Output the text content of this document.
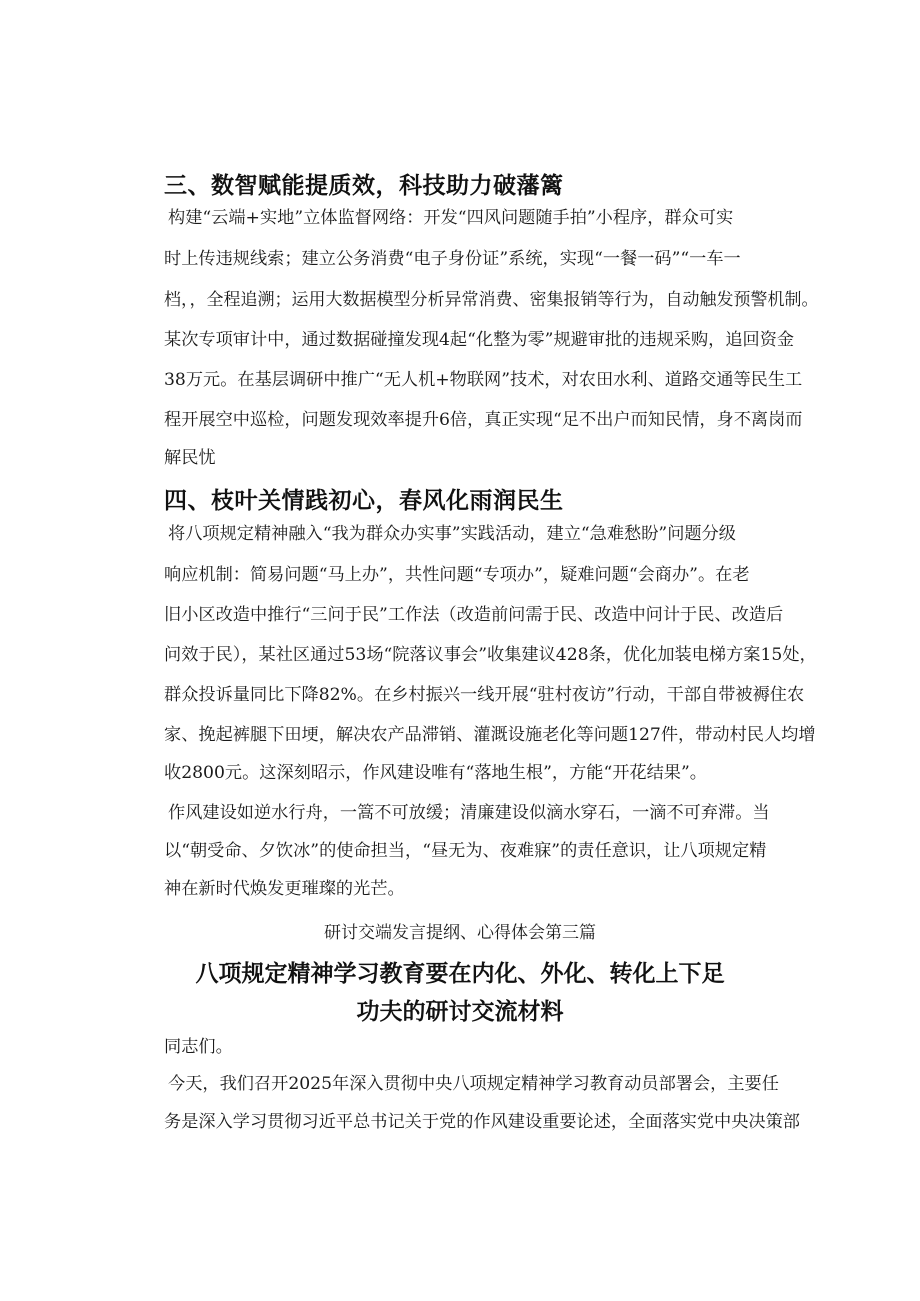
三、数智赋能提质效，科技助力破藩篱
构建“云端+实地”立体监督网络：开发“四风问题随手拍”小程序，群众可实
时上传违规线索；建立公务消费“电子身份证”系统，实现“一餐一码”“一车一
档，，全程追溯；运用大数据模型分析异常消费、密集报销等行为，自动触发预警机制。
某次专项审计中，通过数据碰撞发现4起“化整为零”规避审批的违规采购，追回资金
38万元。在基层调研中推广“无人机+物联网”技术，对农田水利、道路交通等民生工
程开展空中巡检，问题发现效率提升6倍，真正实现“足不出户而知民情，身不离岗而
解民忧
四、枝叶关情践初心，春风化雨润民生
将八项规定精神融入“我为群众办实事”实践活动，建立“急难愁盼”问题分级
响应机制：简易问题“马上办”，共性问题“专项办”，疑难问题“会商办”。在老
旧小区改造中推行“三问于民”工作法（改造前问需于民、改造中问计于民、改造后
问效于民），某社区通过53场“院落议事会”收集建议428条，优化加装电梯方案15处，
群众投诉量同比下降82%。在乡村振兴一线开展“驻村夜访”行动，干部自带被褥住农
家、挽起裤腿下田埂，解决农产品滞销、灌溉设施老化等问题127件，带动村民人均增
收2800元。这深刻昭示，作风建设唯有“落地生根”，方能“开花结果”。
作风建设如逆水行舟，一篙不可放缓；清廉建设似滴水穿石，一滴不可弃滞。当
以“朝受命、夕饮冰”的使命担当，“昼无为、夜难寐”的责任意识，让八项规定精
神在新时代焕发更璀璨的光芒。
研讨交端发言提纲、心得体会第三篇
八项规定精神学习教育要在内化、外化、转化上下足
功夫的研讨交流材料
同志们。
今天，我们召开2025年深入贯彻中央八项规定精神学习教育动员部署会，主要任
务是深入学习贯彻习近平总书记关于党的作风建设重要论述，全面落实党中央决策部
